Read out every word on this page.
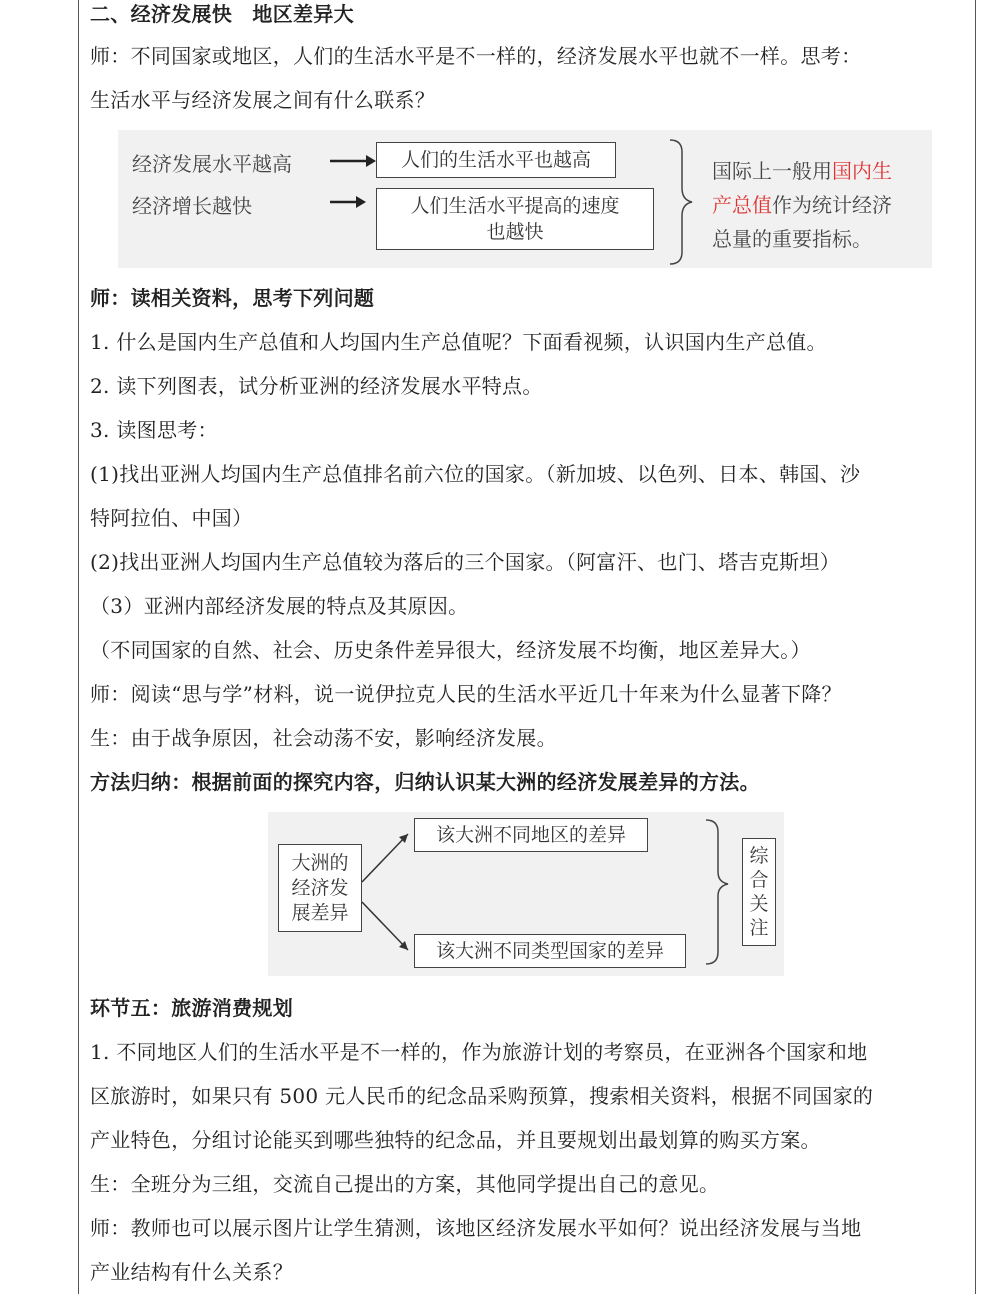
二、经济发展快　地区差异大
师：不同国家或地区，人们的生活水平是不一样的，经济发展水平也就不一样。思考：
生活水平与经济发展之间有什么联系？
经济发展水平越高
经济增长越快
人们的生活水平也越高
人们生活水平提高的速度
也越快
国际上一般用国内生
产总值作为统计经济
总量的重要指标。
师：读相关资料，思考下列问题
1. 什么是国内生产总值和人均国内生产总值呢？下面看视频，认识国内生产总值。
2. 读下列图表，试分析亚洲的经济发展水平特点。
3. 读图思考：
(1)找出亚洲人均国内生产总值排名前六位的国家。（新加坡、以色列、日本、韩国、沙
特阿拉伯、中国）
(2)找出亚洲人均国内生产总值较为落后的三个国家。（阿富汗、也门、塔吉克斯坦）
（3）亚洲内部经济发展的特点及其原因。
（不同国家的自然、社会、历史条件差异很大，经济发展不均衡，地区差异大。）
师：阅读“思与学”材料，说一说伊拉克人民的生活水平近几十年来为什么显著下降？
生：由于战争原因，社会动荡不安，影响经济发展。
方法归纳：根据前面的探究内容，归纳认识某大洲的经济发展差异的方法。
大洲的
经济发
展差异
该大洲不同地区的差异
该大洲不同类型国家的差异
综
合
关
注
环节五：旅游消费规划
1. 不同地区人们的生活水平是不一样的，作为旅游计划的考察员，在亚洲各个国家和地
区旅游时，如果只有 500 元人民币的纪念品采购预算，搜索相关资料，根据不同国家的
产业特色，分组讨论能买到哪些独特的纪念品，并且要规划出最划算的购买方案。
生：全班分为三组，交流自己提出的方案，其他同学提出自己的意见。
师：教师也可以展示图片让学生猜测，该地区经济发展水平如何？说出经济发展与当地
产业结构有什么关系？
